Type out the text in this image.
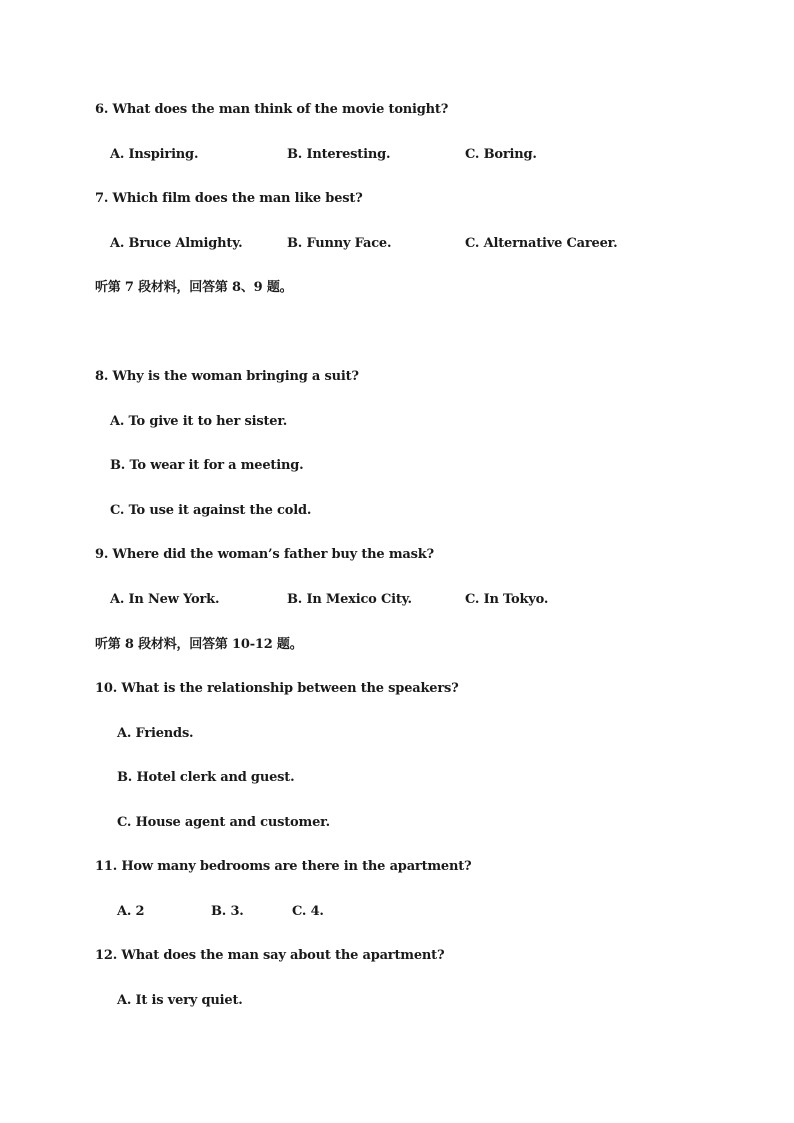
6. What does the man think of the movie tonight?
A. Inspiring.	B. Interesting.	C. Boring.
7. Which film does the man like best?
A. Bruce Almighty.	B. Funny Face.	C. Alternative Career.
听第 7 段材料，回答第 8、9 题。
8. Why is the woman bringing a suit?
A. To give it to her sister.
B. To wear it for a meeting.
C. To use it against the cold.
9. Where did the woman’s father buy the mask?
A. In New York.	B. In Mexico City.	C. In Tokyo.
听第 8 段材料，回答第 10-12 题。
10. What is the relationship between the speakers?
A. Friends.
B. Hotel clerk and guest.
C. House agent and customer.
11. How many bedrooms are there in the apartment?
A. 2	B. 3.	C. 4.
12. What does the man say about the apartment?
A. It is very quiet.
